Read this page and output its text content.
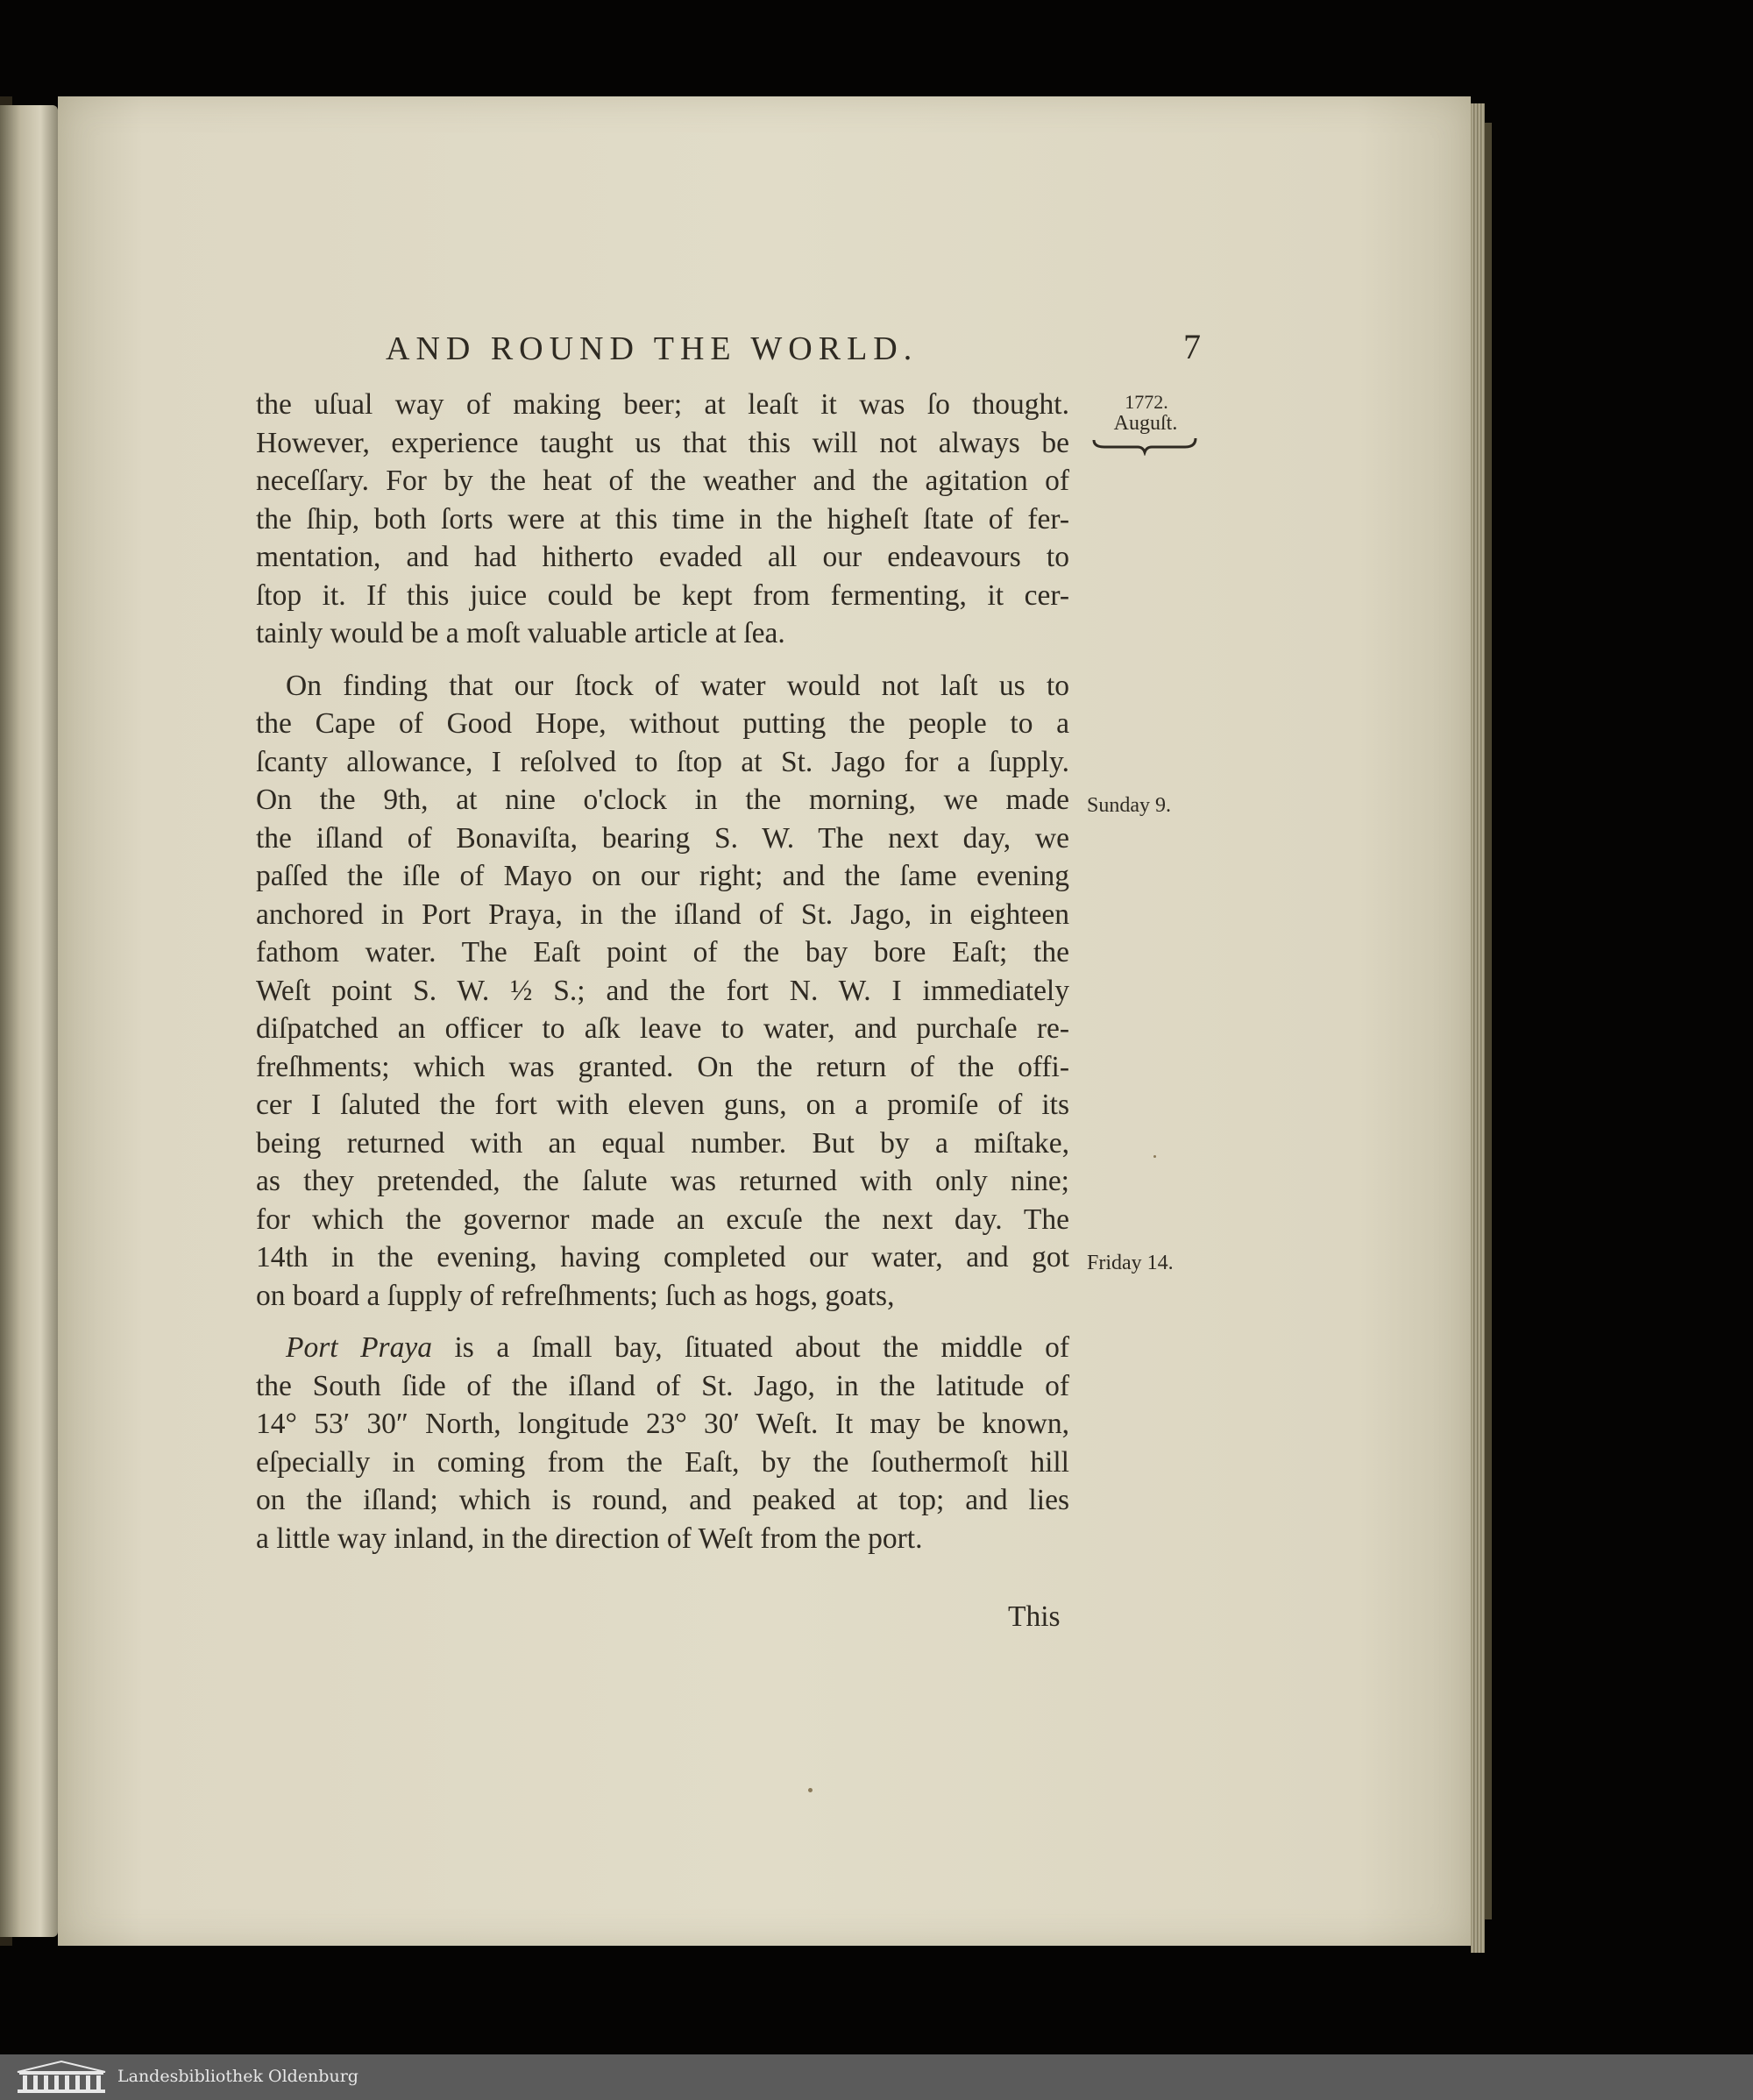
AND ROUND THE WORLD.	7
1772.
Auguſt.
Sunday 9.
Friday 14.
the uſual way of making beer; at leaſt it was ſo thought.
However, experience taught us that this will not always be
neceſſary. For by the heat of the weather and the agitation of
the ſhip, both ſorts were at this time in the higheſt ſtate of fer-
mentation, and had hitherto evaded all our endeavours to
ſtop it. If this juice could be kept from fermenting, it cer-
tainly would be a moſt valuable article at ſea.
On finding that our ſtock of water would not laſt us to
the Cape of Good Hope, without putting the people to a
ſcanty allowance, I reſolved to ſtop at St. Jago for a ſupply.
On the 9th, at nine o'clock in the morning, we made
the iſland of Bonaviſta, bearing S. W. The next day, we
paſſed the iſle of Mayo on our right; and the ſame evening
anchored in Port Praya, in the iſland of St. Jago, in eighteen
fathom water. The Eaſt point of the bay bore Eaſt; the
Weſt point S. W. ½ S.; and the fort N. W. I immediately
diſpatched an officer to aſk leave to water, and purchaſe re-
freſhments; which was granted. On the return of the offi-
cer I ſaluted the fort with eleven guns, on a promiſe of its
being returned with an equal number. But by a miſtake,
as they pretended, the ſalute was returned with only nine;
for which the governor made an excuſe the next day. The
14th in the evening, having completed our water, and got
on board a ſupply of refreſhments; ſuch as hogs, goats,
Port Praya is a ſmall bay, ſituated about the middle of
the South ſide of the iſland of St. Jago, in the latitude of
14° 53′ 30″ North, longitude 23° 30′ Weſt. It may be known,
eſpecially in coming from the Eaſt, by the ſouthermoſt hill
on the iſland; which is round, and peaked at top; and lies
a little way inland, in the direction of Weſt from the port.
This
Landesbibliothek Oldenburg
